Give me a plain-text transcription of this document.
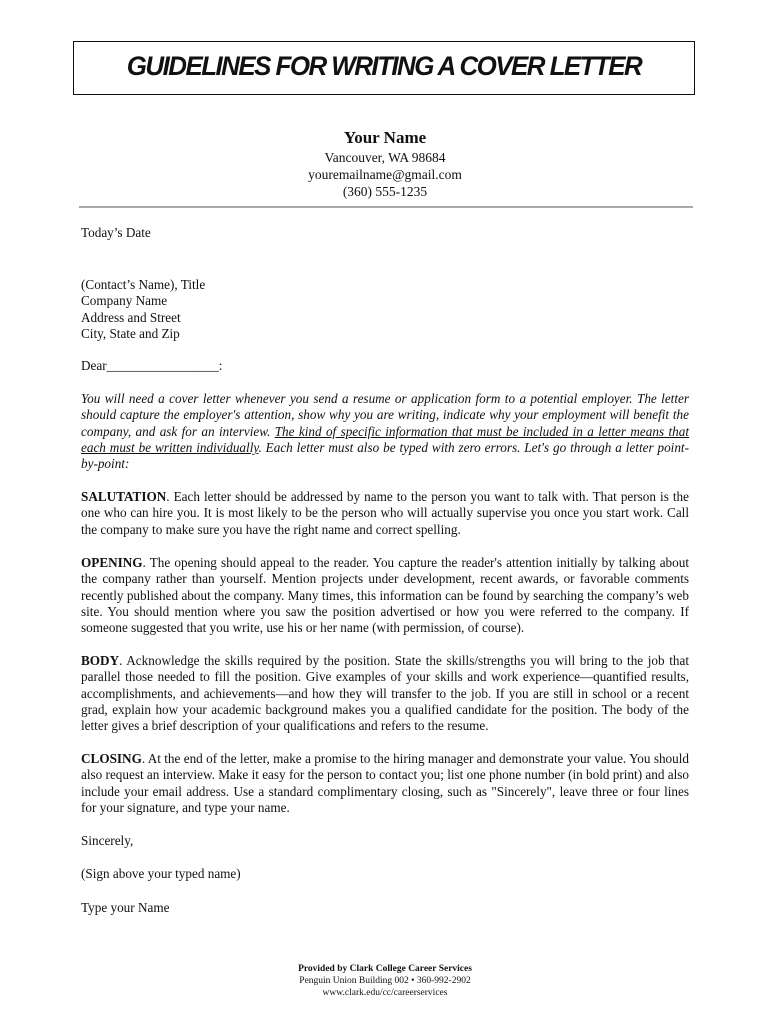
GUIDELINES FOR WRITING A COVER LETTER
Your Name
Vancouver, WA 98684
youremailname@gmail.com
(360) 555-1235
Today’s Date
(Contact’s Name), Title
Company Name
Address and Street
City, State and Zip
Dear_________________:

You will need a cover letter whenever you send a resume or application form to a potential employer. The letter should capture the employer's attention, show why you are writing, indicate why your employment will benefit the company, and ask for an interview. The kind of specific information that must be included in a letter means that each must be written individually. Each letter must also be typed with zero errors. Let's go through a letter point-by-point:

SALUTATION. Each letter should be addressed by name to the person you want to talk with. That person is the one who can hire you. It is most likely to be the person who will actually supervise you once you start work. Call the company to make sure you have the right name and correct spelling.

OPENING. The opening should appeal to the reader. You capture the reader's attention initially by talking about the company rather than yourself. Mention projects under development, recent awards, or favorable comments recently published about the company. Many times, this information can be found by searching the company’s web site. You should mention where you saw the position advertised or how you were referred to the company. If someone suggested that you write, use his or her name (with permission, of course).

BODY. Acknowledge the skills required by the position. State the skills/strengths you will bring to the job that parallel those needed to fill the position. Give examples of your skills and work experience—quantified results, accomplishments, and achievements—and how they will transfer to the job. If you are still in school or a recent grad, explain how your academic background makes you a qualified candidate for the position. The body of the letter gives a brief description of your qualifications and refers to the resume.

CLOSING. At the end of the letter, make a promise to the hiring manager and demonstrate your value. You should also request an interview. Make it easy for the person to contact you; list one phone number (in bold print) and also include your email address. Use a standard complimentary closing, such as "Sincerely", leave three or four lines for your signature, and type your name.

Sincerely,
(Sign above your typed name)
Type your Name
Provided by Clark College Career Services
Penguin Union Building 002 • 360-992-2902
www.clark.edu/cc/careerservices
